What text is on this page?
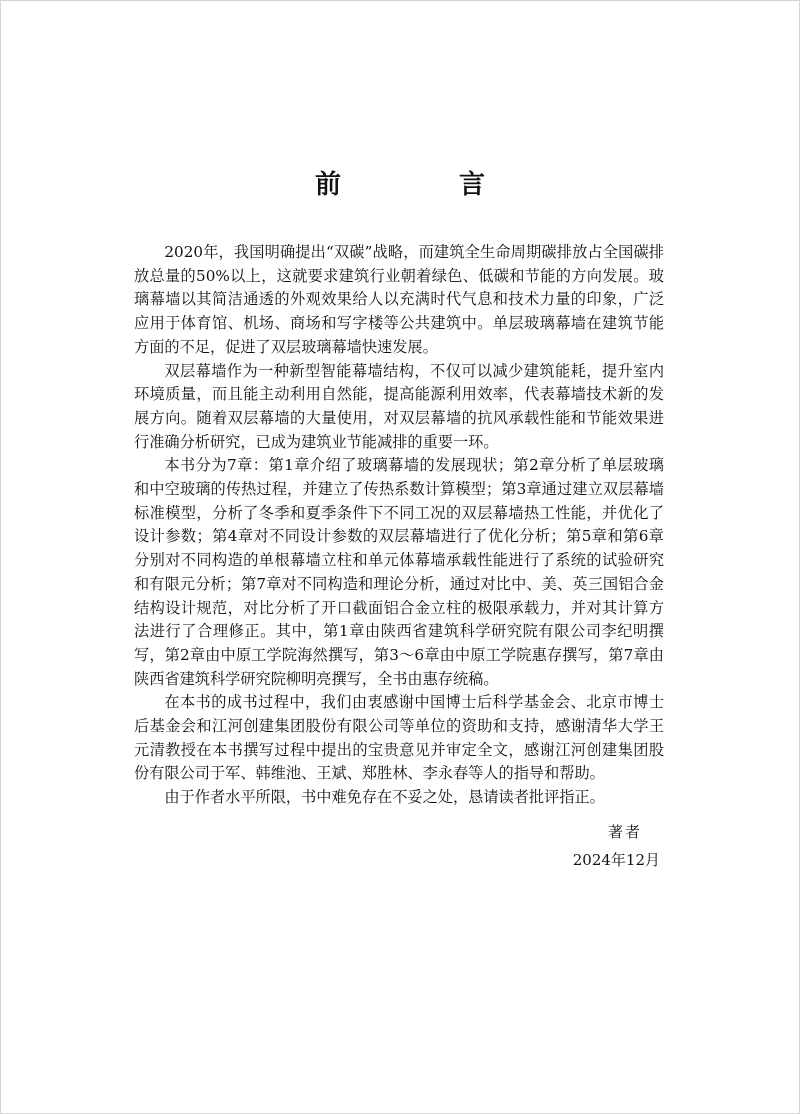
前　言

2020年，我国明确提出“双碳”战略，而建筑全生命周期碳排放占全国碳排放总量的50%以上，这就要求建筑行业朝着绿色、低碳和节能的方向发展。玻璃幕墙以其简洁通透的外观效果给人以充满时代气息和技术力量的印象，广泛应用于体育馆、机场、商场和写字楼等公共建筑中。单层玻璃幕墙在建筑节能方面的不足，促进了双层玻璃幕墙快速发展。

双层幕墙作为一种新型智能幕墙结构，不仅可以减少建筑能耗，提升室内环境质量，而且能主动利用自然能，提高能源利用效率，代表幕墙技术新的发展方向。随着双层幕墙的大量使用，对双层幕墙的抗风承载性能和节能效果进行准确分析研究，已成为建筑业节能减排的重要一环。

本书分为7章：第1章介绍了玻璃幕墙的发展现状；第2章分析了单层玻璃和中空玻璃的传热过程，并建立了传热系数计算模型；第3章通过建立双层幕墙标准模型，分析了冬季和夏季条件下不同工况的双层幕墙热工性能，并优化了设计参数；第4章对不同设计参数的双层幕墙进行了优化分析；第5章和第6章分别对不同构造的单根幕墙立柱和单元体幕墙承载性能进行了系统的试验研究和有限元分析；第7章对不同构造和理论分析，通过对比中、美、英三国铝合金结构设计规范，对比分析了开口截面铝合金立柱的极限承载力，并对其计算方法进行了合理修正。其中，第1章由陕西省建筑科学研究院有限公司李纪明撰写，第2章由中原工学院海然撰写，第3～6章由中原工学院惠存撰写，第7章由陕西省建筑科学研究院柳明亮撰写，全书由惠存统稿。

在本书的成书过程中，我们由衷感谢中国博士后科学基金会、北京市博士后基金会和江河创建集团股份有限公司等单位的资助和支持，感谢清华大学王元清教授在本书撰写过程中提出的宝贵意见并审定全文，感谢江河创建集团股份有限公司于军、韩维池、王斌、郑胜林、李永春等人的指导和帮助。

由于作者水平所限，书中难免存在不妥之处，恳请读者批评指正。

著者
2024年12月
